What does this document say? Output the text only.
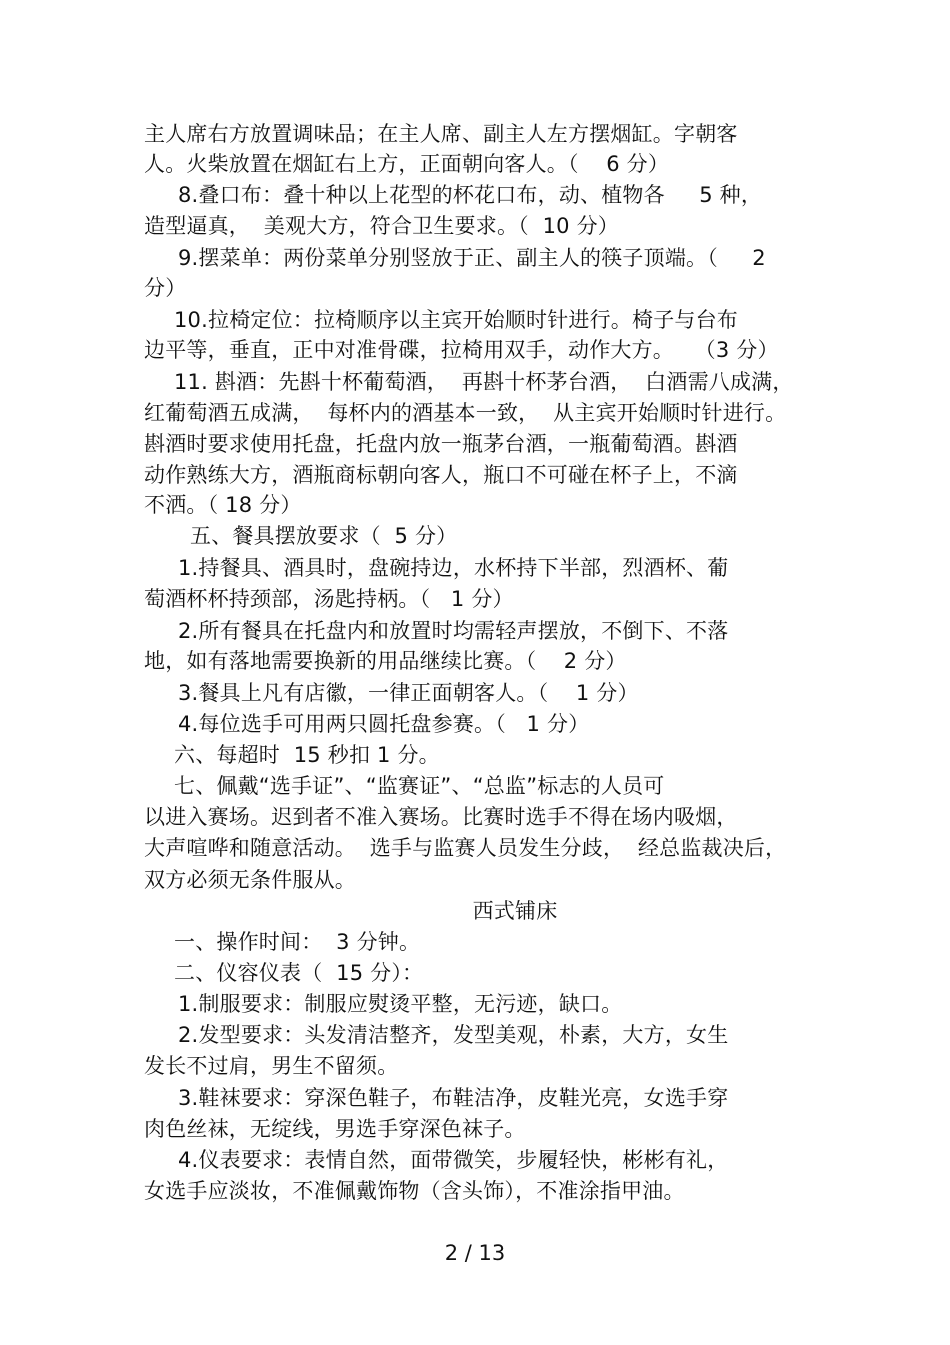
主人席右方放置调味品；在主人席、副主人左方摆烟缸。字朝客
人。火柴放置在烟缸右上方，正面朝向客人。（    6 分）
8.叠口布：叠十种以上花型的杯花口布，动、植物各     5 种，
造型逼真，  美观大方，符合卫生要求。（  10 分）
9.摆菜单：两份菜单分别竖放于正、副主人的筷子顶端。（     2
分）
10.拉椅定位：拉椅顺序以主宾开始顺时针进行。椅子与台布
边平等，垂直，正中对准骨碟，拉椅用双手，动作大方。   （3 分）
11. 斟酒：先斟十杯葡萄酒，  再斟十杯茅台酒，  白酒需八成满，
红葡萄酒五成满，  每杯内的酒基本一致，  从主宾开始顺时针进行。
斟酒时要求使用托盘，托盘内放一瓶茅台酒，一瓶葡萄酒。斟酒
动作熟练大方，酒瓶商标朝向客人，瓶口不可碰在杯子上，不滴
不洒。（ 18 分）
五、餐具摆放要求（  5 分）
1.持餐具、酒具时，盘碗持边，水杯持下半部，烈酒杯、葡
萄酒杯杯持颈部，汤匙持柄。（   1 分）
2.所有餐具在托盘内和放置时均需轻声摆放，不倒下、不落
地，如有落地需要换新的用品继续比赛。（    2 分）
3.餐具上凡有店徽，一律正面朝客人。（    1 分）
4.每位选手可用两只圆托盘参赛。（   1 分）
六、每超时  15 秒扣 1 分。
七、佩戴“选手证”、“监赛证”、“总监”标志的人员可
以进入赛场。迟到者不准入赛场。比赛时选手不得在场内吸烟，
大声喧哗和随意活动。  选手与监赛人员发生分歧，  经总监裁决后，
双方必须无条件服从。
西式铺床
一、操作时间：  3 分钟。
二、仪容仪表（  15 分）：
1.制服要求：制服应熨烫平整，无污迹，缺口。
2.发型要求：头发清洁整齐，发型美观，朴素，大方，女生
发长不过肩，男生不留须。
3.鞋袜要求：穿深色鞋子，布鞋洁净，皮鞋光亮，女选手穿
肉色丝袜，无绽线，男选手穿深色袜子。
4.仪表要求：表情自然，面带微笑，步履轻快，彬彬有礼，
女选手应淡妆，不准佩戴饰物（含头饰），不准涂指甲油。
2 / 13
